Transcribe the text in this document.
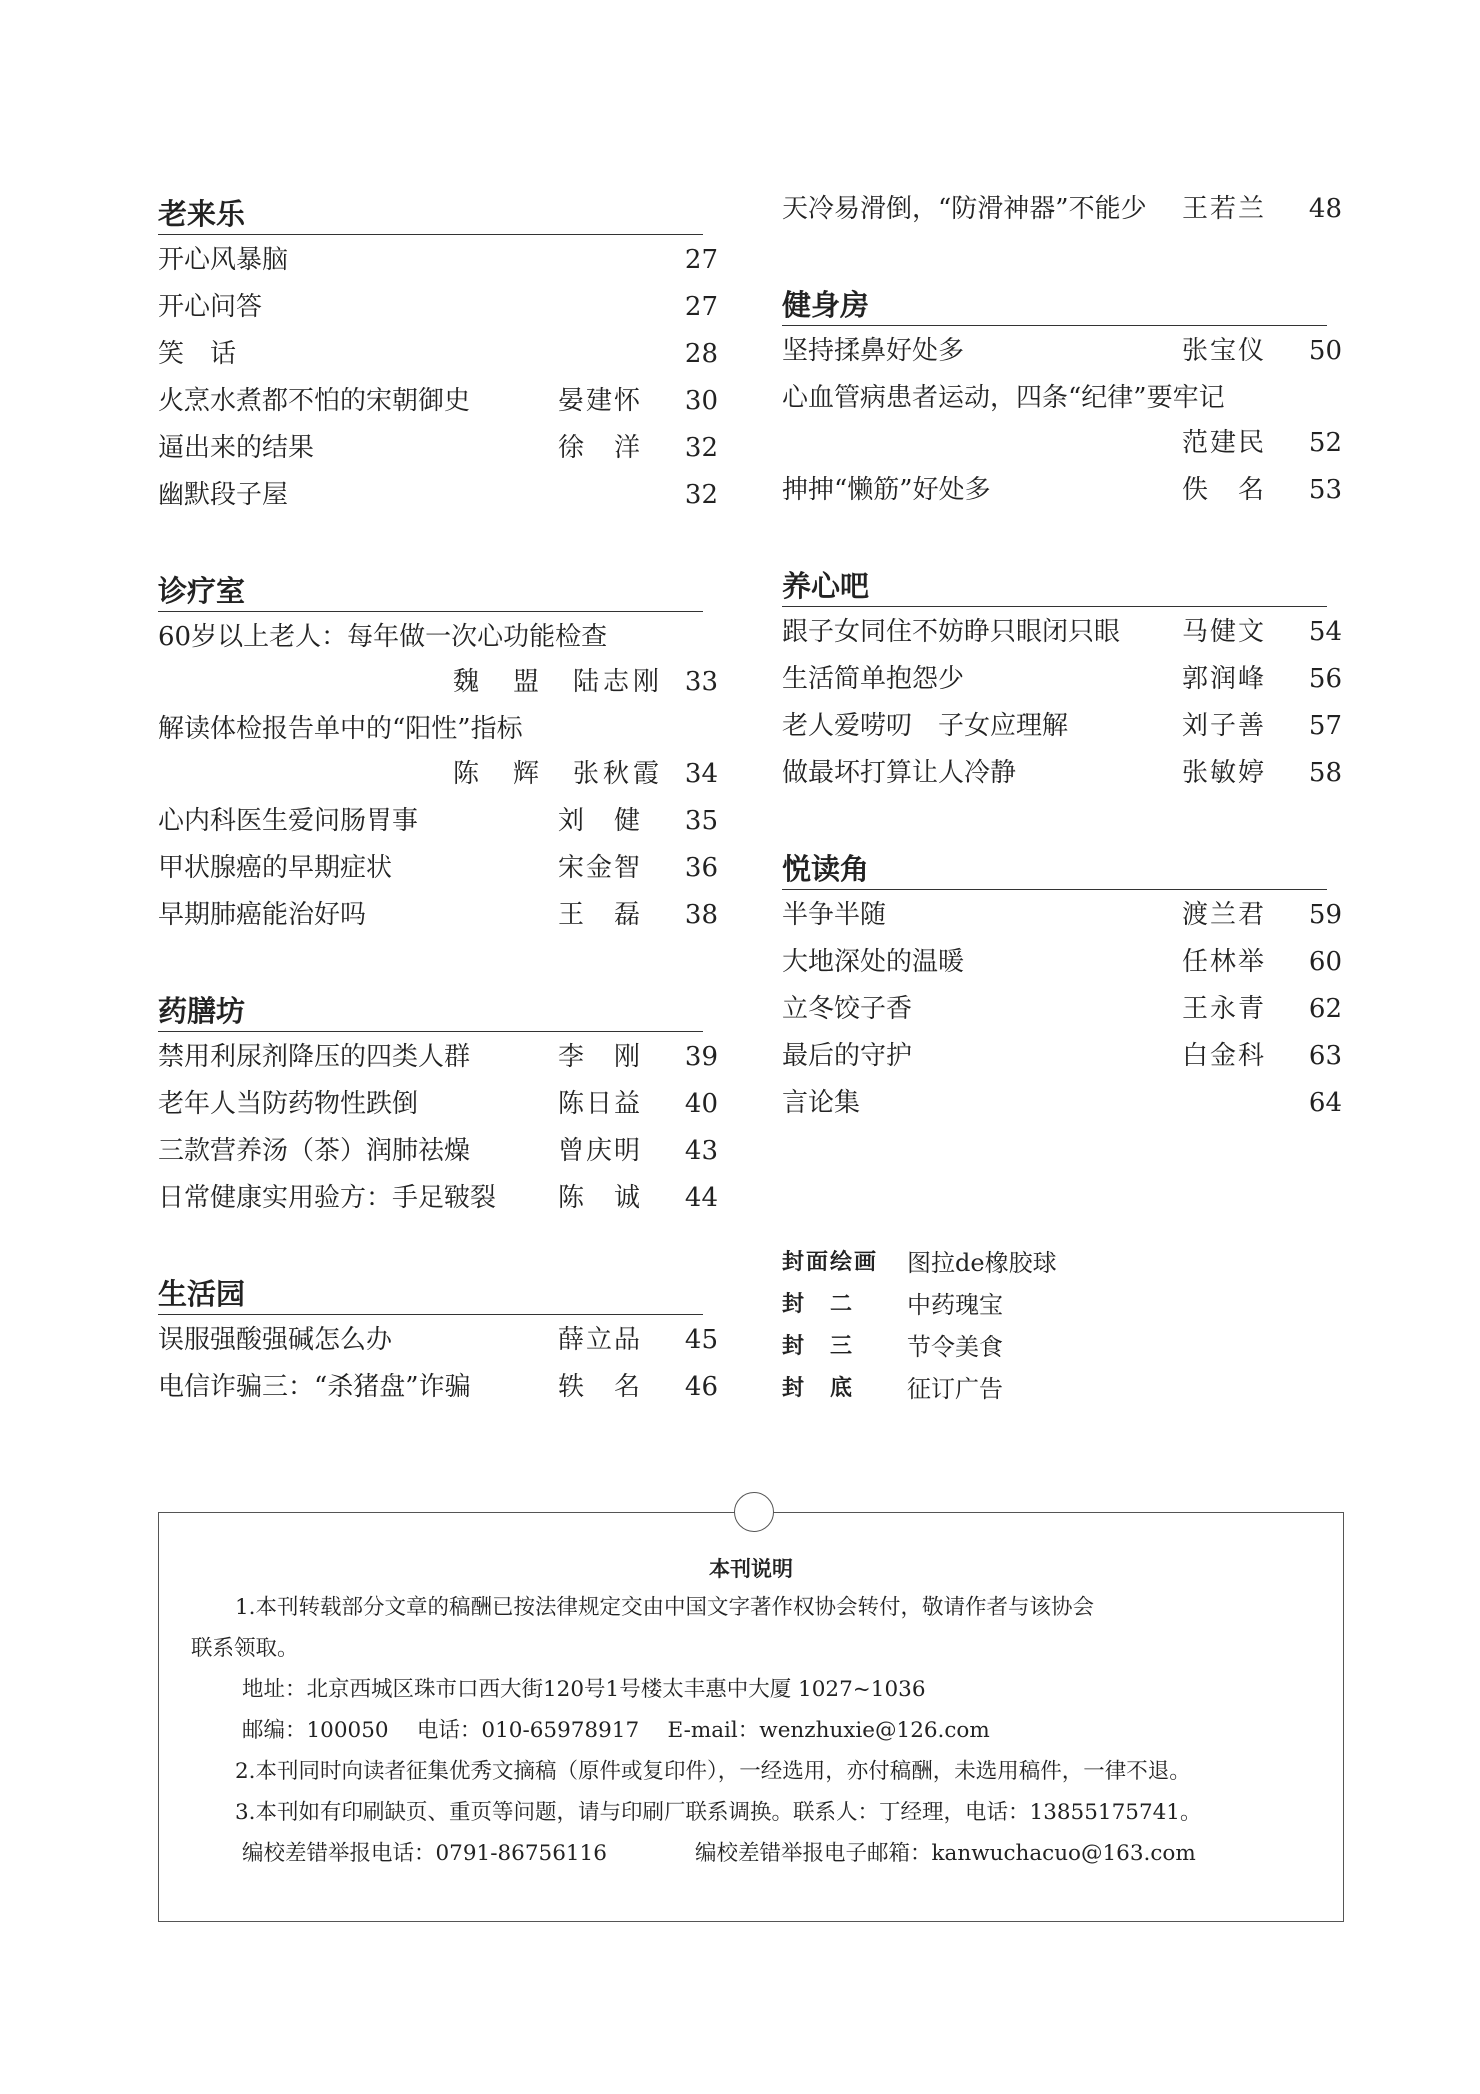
老来乐
开心风暴脑	27
开心问答	27
笑　话	28
火烹水煮都不怕的宋朝御史	晏建怀	30
逼出来的结果	徐　洋	32
幽默段子屋	32
诊疗室
60岁以上老人：每年做一次心功能检查
魏　盟　陆志刚 33
解读体检报告单中的“阳性”指标
陈　辉　张秋霞 34
心内科医生爱问肠胃事	刘　健	35
甲状腺癌的早期症状	宋金智	36
早期肺癌能治好吗	王　磊	38
药膳坊
禁用利尿剂降压的四类人群	李　刚	39
老年人当防药物性跌倒	陈日益	40
三款营养汤（茶）润肺祛燥	曾庆明	43
日常健康实用验方：手足皲裂 陈　诚	44
生活园
误服强酸强碱怎么办	薛立品	45
电信诈骗三：“杀猪盘”诈骗	轶　名	46
天冷易滑倒，“防滑神器”不能少 王若兰	48
健身房
坚持揉鼻好处多	张宝仪	50
心血管病患者运动，四条“纪律”要牢记
范建民	52
抻抻“懒筋”好处多	佚　名	53
养心吧
跟子女同住不妨睁只眼闭只眼 马健文	54
生活简单抱怨少	郭润峰	56
老人爱唠叨　子女应理解	刘子善	57
做最坏打算让人冷静	张敏婷	58
悦读角
半争半随	渡兰君	59
大地深处的温暖	任林举	60
立冬饺子香	王永青	62
最后的守护	白金科	63
言论集	64
封面绘画 图拉de橡胶球
封　二	中药瑰宝
封　三	节令美食
封　底	征订广告
本刊说明
1.本刊转载部分文章的稿酬已按法律规定交由中国文字著作权协会转付，敬请作者与该协会
联系领取。
地址：北京西城区珠市口西大街120号1号楼太丰惠中大厦 1027~1036
邮编：100050　 电话：010-65978917　 E-mail：wenzhuxie@126.com
2.本刊同时向读者征集优秀文摘稿（原件或复印件），一经选用，亦付稿酬，未选用稿件，一律不退。
3.本刊如有印刷缺页、重页等问题，请与印刷厂联系调换。联系人：丁经理，电话：13855175741。
编校差错举报电话：0791-86756116	编校差错举报电子邮箱：kanwuchacuo@163.com
